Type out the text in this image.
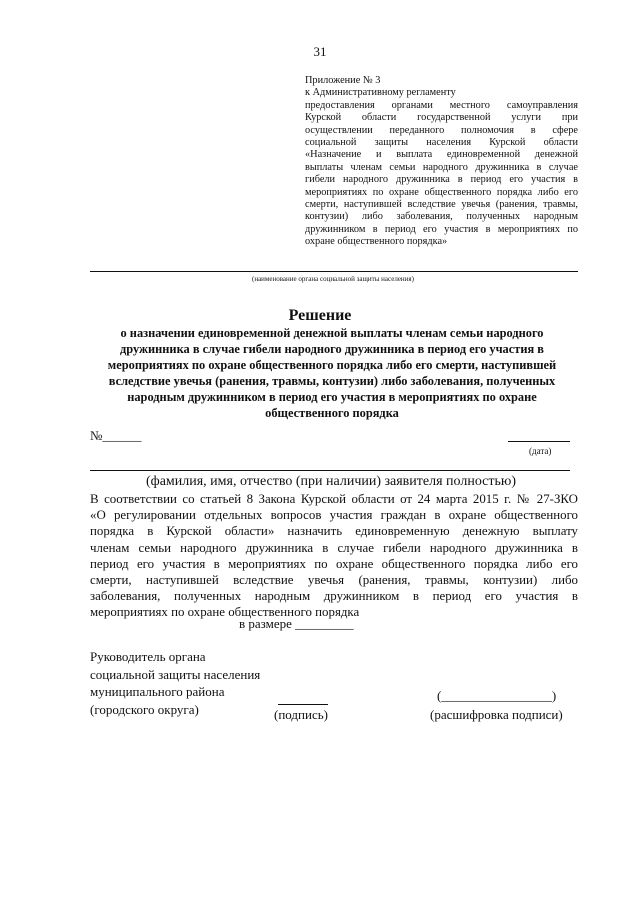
31
Приложение № 3
к Административному регламенту
предоставления органами местного самоуправления
Курской области государственной услуги при
осуществлении переданного полномочия в сфере
социальной защиты населения Курской области
«Назначение и выплата единовременной денежной
выплаты членам семьи народного дружинника в случае
гибели народного дружинника в период его участия в
мероприятиях по охране общественного порядка либо его
смерти, наступившей вследствие увечья (ранения, травмы,
контузии) либо заболевания, полученных народным
дружинником в период его участия в мероприятиях по
охране общественного порядка»
(наименование органа социальной защиты населения)
Решение
о назначении единовременной денежной выплаты членам семьи народного
дружинника в случае гибели народного дружинника в период его участия в
мероприятиях по охране общественного порядка либо его смерти, наступившей
вследствие увечья (ранения, травмы, контузии) либо заболевания, полученных
народным дружинником в период его участия в мероприятиях по охране
общественного порядка
№______
(дата)
(фамилия, имя, отчество (при наличии) заявителя полностью)
В соответствии со статьей 8 Закона Курской области от 24 марта 2015 г. № 27-ЗКО
«О регулировании отдельных вопросов участия граждан в охране общественного
порядка в Курской области» назначить единовременную денежную выплату
членам семьи народного дружинника в случае гибели народного дружинника в
период его участия в мероприятиях по охране общественного порядка либо его
смерти, наступившей вследствие увечья (ранения, травмы, контузии) либо
заболевания, полученных народным дружинником в период его участия в
мероприятиях по охране общественного порядка
в размере _________
Руководитель органа
социальной защиты населения
муниципального района
(городского округа)	(подпись)
(_________________)
(расшифровка подписи)
